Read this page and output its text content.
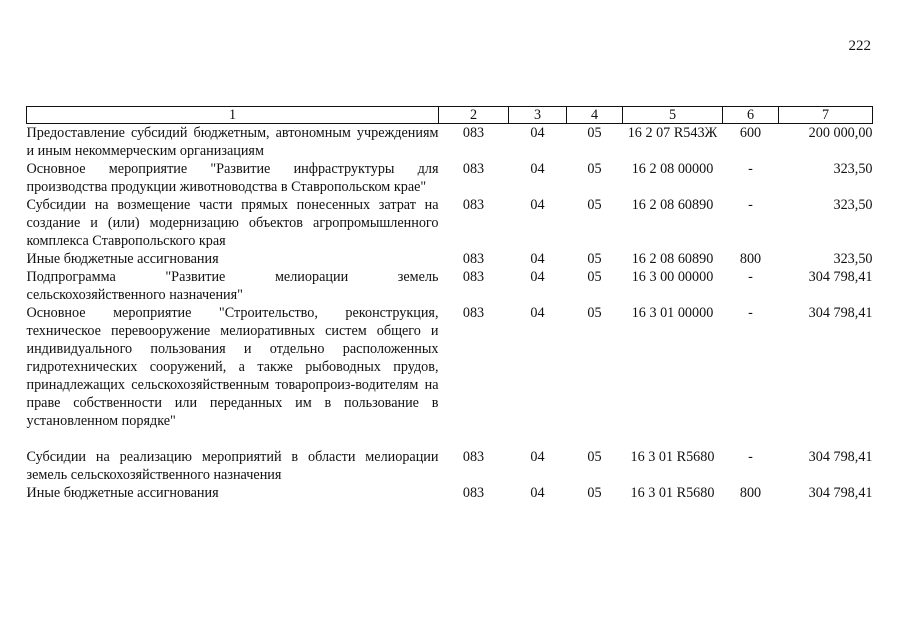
222
1	2	3	4	5	6	7

Предоставление субсидий бюджетным, автономным учреждениям и иным некоммерческим организациям	083	04	05	16 2 07 R543Ж	600	200 000,00

Основное мероприятие "Развитие инфраструктуры для производства продукции животноводства в Ставропольском крае"	083	04	05	16 2 08 00000	-	323,50

Субсидии на возмещение части прямых понесенных затрат на создание и (или) модернизацию объектов агропромышленного комплекса Ставропольского края	083	04	05	16 2 08 60890	-	323,50

Иные бюджетные ассигнования	083	04	05	16 2 08 60890	800	323,50

Подпрограмма "Развитие мелиорации земель сельскохозяйственного назначения"	083	04	05	16 3 00 00000	-	304 798,41

Основное мероприятие "Строительство, реконструкция, техническое перевооружение мелиоративных систем общего и индивидуального пользования и отдельно расположенных гидротехнических сооружений, а также рыбоводных прудов, принадлежащих сельскохозяйственным товаропроиз-водителям на праве собственности или переданных им в пользование в установленном порядке"	083	04	05	16 3 01 00000	-	304 798,41

Субсидии на реализацию мероприятий в области мелиорации земель сельскохозяйственного назначения	083	04	05	16 3 01 R5680	-	304 798,41

Иные бюджетные ассигнования	083	04	05	16 3 01 R5680	800	304 798,41
